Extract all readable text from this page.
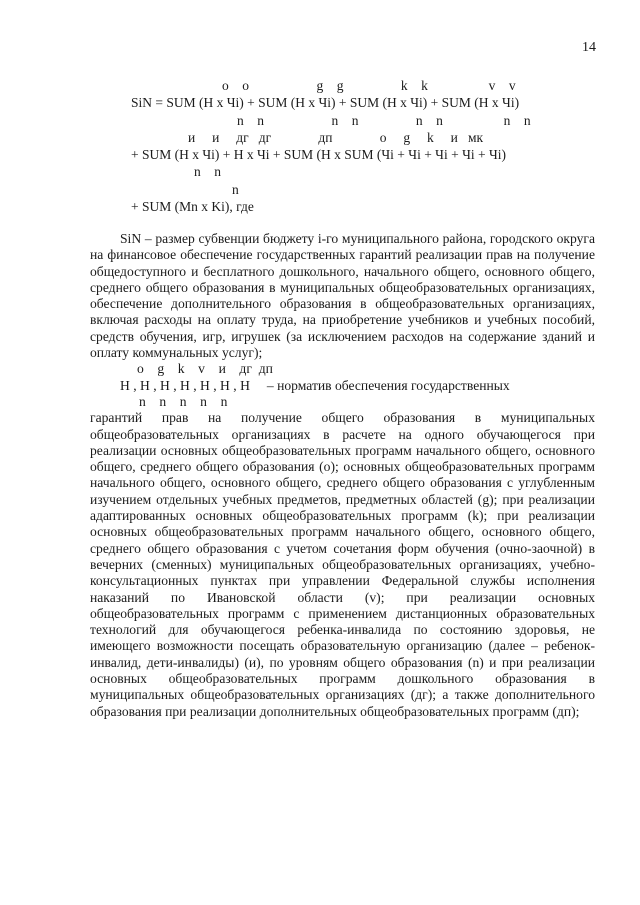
14
о    о                    g    g                 k    k                  v    v
SiN = SUM (H x Чi) + SUM (H x Чi) + SUM (H x Чi) + SUM (H x Чi)
n    n                    n    n                 n    n                  n    n
и     и     дг   дг              дп              о     g     k     и   мк
+ SUM (H x Чi) + H x Чi + SUM (H x SUM (Чi + Чi + Чi + Чi + Чi)
n    n
n
+ SUM (Mn x Ki), где

SiN – размер субвенции бюджету i-го муниципального района, городского округа на финансовое обеспечение государственных гарантий реализации прав на получение общедоступного и бесплатного дошкольного, начального общего, основного общего, среднего общего образования в муниципальных общеобразовательных организациях, обеспечение дополнительного образования в общеобразовательных организациях, включая расходы на оплату труда, на приобретение учебников и учебных пособий, средств обучения, игр, игрушек (за исключением расходов на содержание зданий и оплату коммунальных услуг);

о    g    k    v    и    дг  дп

H , H , H , H , H , H , H – норматив обеспечения государственных

n    n    n    n    n

гарантий прав на получение общего образования в муниципальных общеобразовательных организациях в расчете на одного обучающегося при реализации основных общеобразовательных программ начального общего, основного общего, среднего общего образования (о); основных общеобразовательных программ начального общего, основного общего, среднего общего образования с углубленным изучением отдельных учебных предметов, предметных областей (g); при реализации адаптированных основных общеобразовательных программ (k); при реализации основных общеобразовательных программ начального общего, основного общего, среднего общего образования с учетом сочетания форм обучения (очно-заочной) в вечерних (сменных) муниципальных общеобразовательных организациях, учебно-консультационных пунктах при управлении Федеральной службы исполнения наказаний по Ивановской области (v); при реализации основных общеобразовательных программ с применением дистанционных образовательных технологий для обучающегося ребенка-инвалида по состоянию здоровья, не имеющего возможности посещать образовательную организацию (далее – ребенок-инвалид, дети-инвалиды) (и), по уровням общего образования (n) и при реализации основных общеобразовательных программ дошкольного образования в муниципальных общеобразовательных организациях (дг); а также дополнительного образования при реализации дополнительных общеобразовательных программ (дп);
